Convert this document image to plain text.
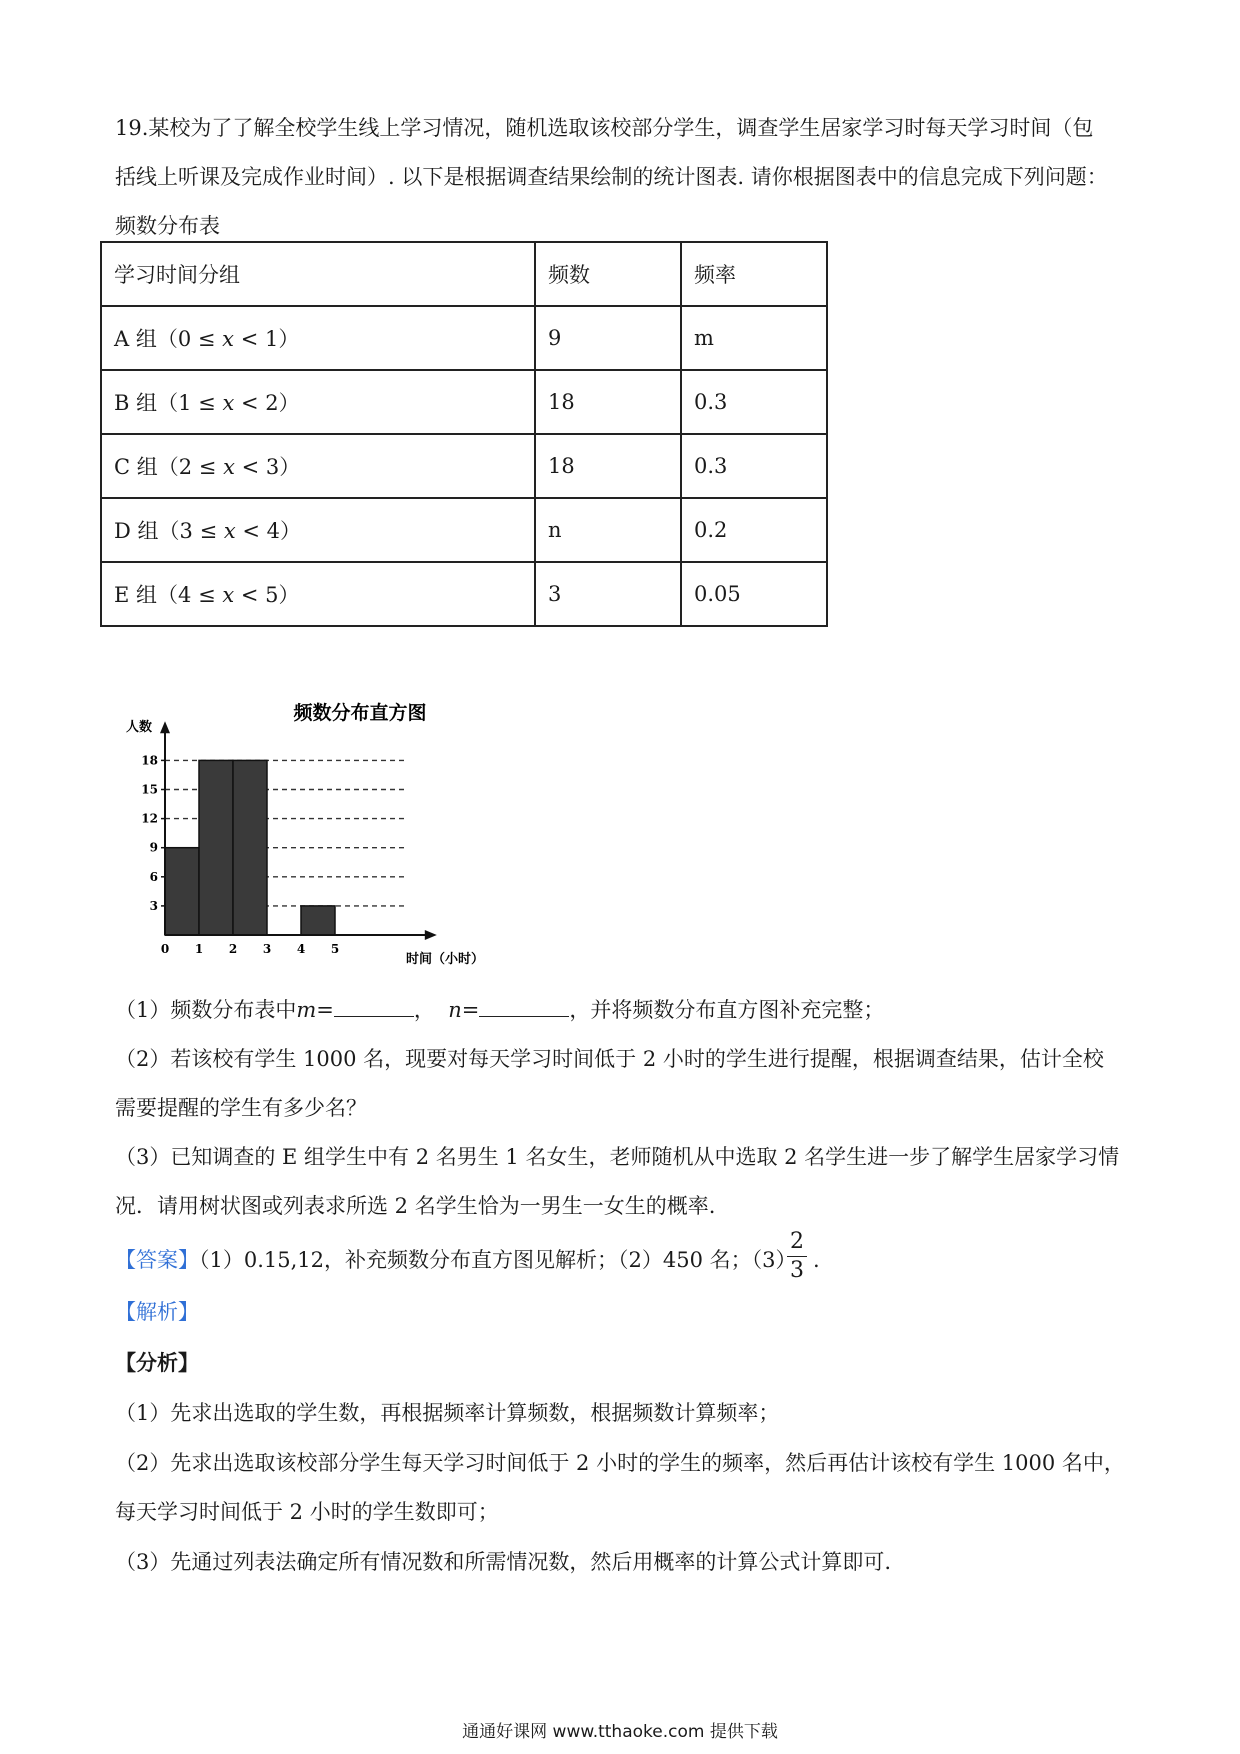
19.某校为了了解全校学生线上学习情况，随机选取该校部分学生，调查学生居家学习时每天学习时间（包
括线上听课及完成作业时间）. 以下是根据调查结果绘制的统计图表. 请你根据图表中的信息完成下列问题：
频数分布表
学习时间分组	频数	频率
A 组（0 ≤ x < 1）	9	m
B 组（1 ≤ x < 2）	18	0.3
C 组（2 ≤ x < 3）	18	0.3
D 组（3 ≤ x < 4）	n	0.2
E 组（4 ≤ x < 5）	3	0.05
频数分布直方图
人数
时间（小时）
3
6
9
12
15
18
0 1 2 3 4 5
（1）频数分布表中m=	， n=	，并将频数分布直方图补充完整；
（2）若该校有学生 1000 名，现要对每天学习时间低于 2 小时的学生进行提醒，根据调查结果，估计全校
需要提醒的学生有多少名？
（3）已知调查的 E 组学生中有 2 名男生 1 名女生，老师随机从中选取 2 名学生进一步了解学生居家学习情
况．请用树状图或列表求所选 2 名学生恰为一男生一女生的概率.
【答案】（1）0.15,12，补充频数分布直方图见解析；（2）450 名；（3）
$\frac{2}{3}$ .
【解析】
【分析】
（1）先求出选取的学生数，再根据频率计算频数，根据频数计算频率；
（2）先求出选取该校部分学生每天学习时间低于 2 小时的学生的频率，然后再估计该校有学生 1000 名中，
每天学习时间低于 2 小时的学生数即可；
（3）先通过列表法确定所有情况数和所需情况数，然后用概率的计算公式计算即可.
通通好课网 www.tthaoke.com 提供下载
